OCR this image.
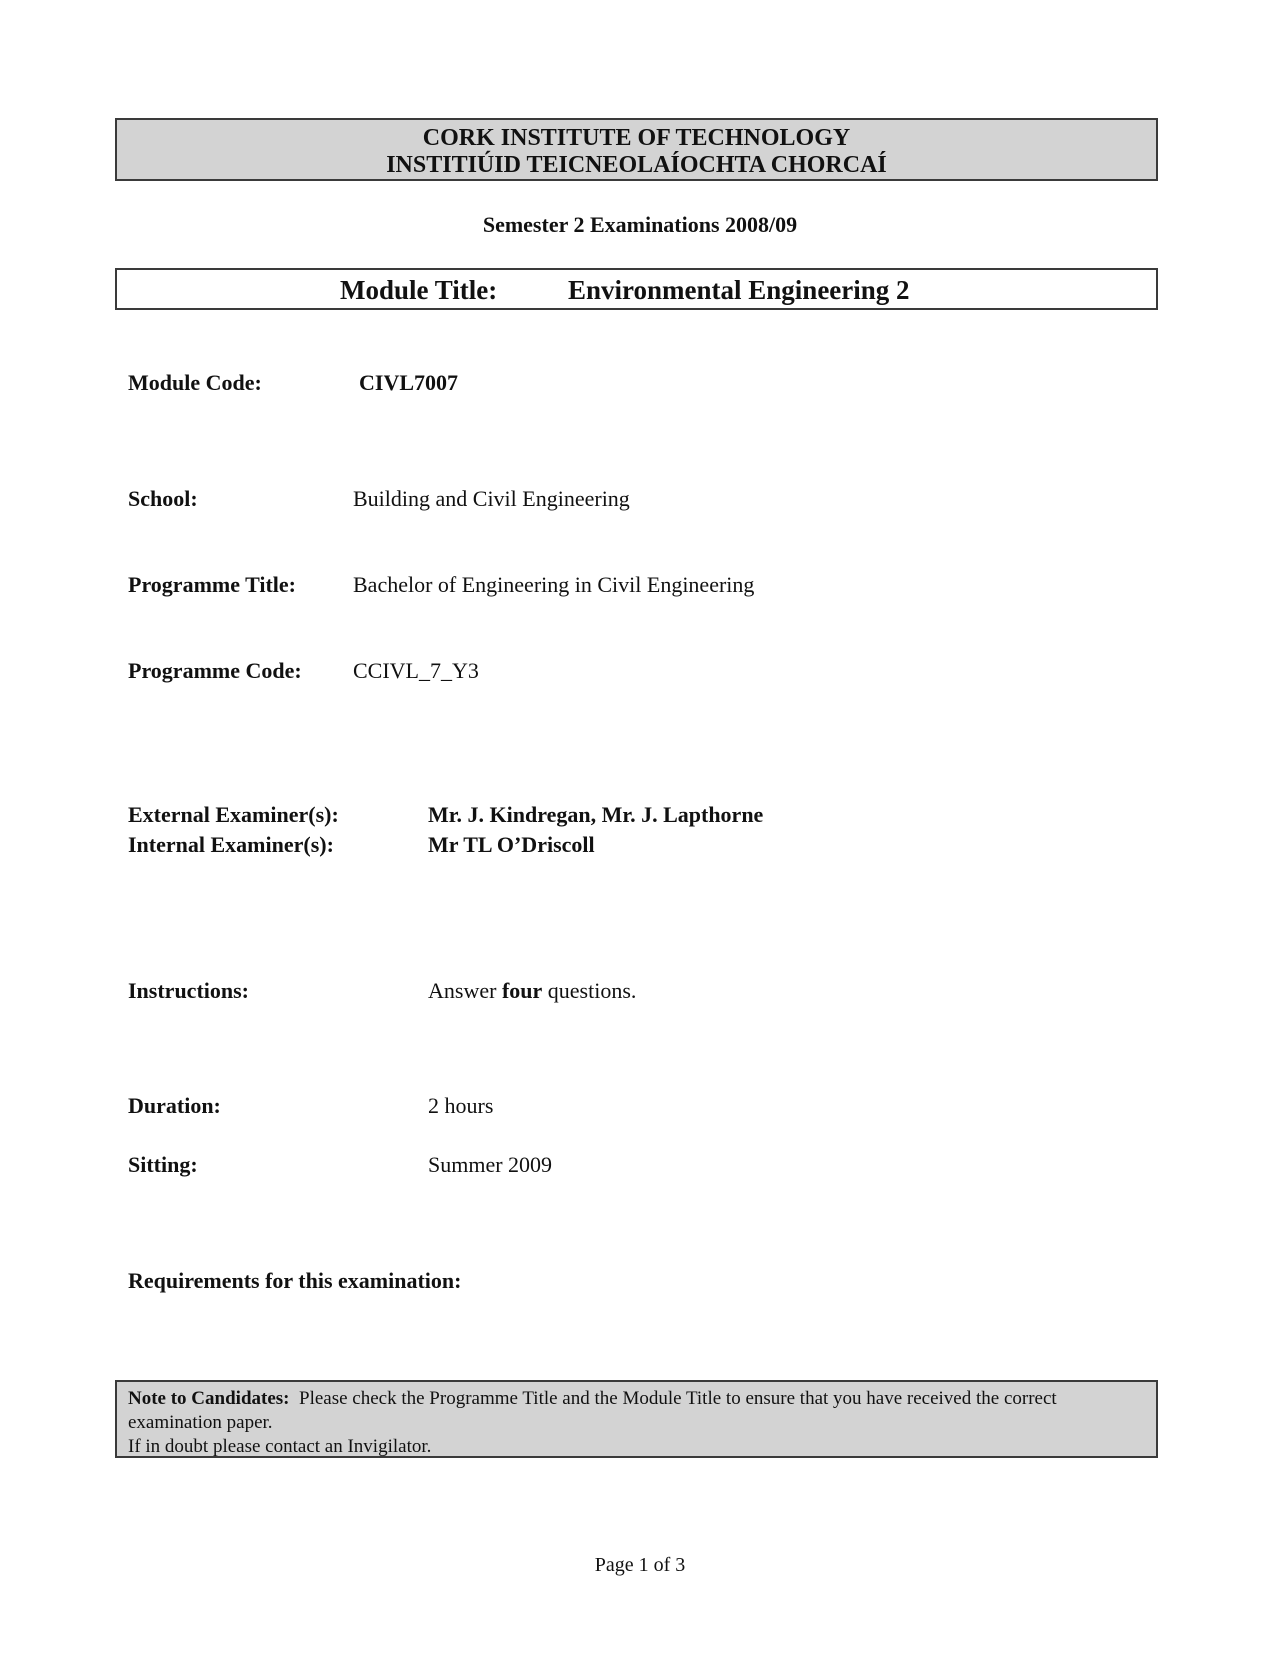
CORK INSTITUTE OF TECHNOLOGY
INSTITIÚID TEICNEOLAÍOCHTA CHORCAÍ
Semester 2 Examinations 2008/09
Module Title:	Environmental Engineering 2
Module Code:	CIVL7007
School:	Building and Civil Engineering
Programme Title:	Bachelor of Engineering in Civil Engineering
Programme Code: CCIVL_7_Y3
External Examiner(s):	Mr. J. Kindregan, Mr. J. Lapthorne
Internal Examiner(s):	Mr TL O’Driscoll
Instructions:	Answer four questions.
Duration:	2 hours
Sitting:	Summer 2009
Requirements for this examination:
Note to Candidates:  Please check the Programme Title and the Module Title to ensure that you have received the correct examination paper.
If in doubt please contact an Invigilator.
Page 1 of 3
